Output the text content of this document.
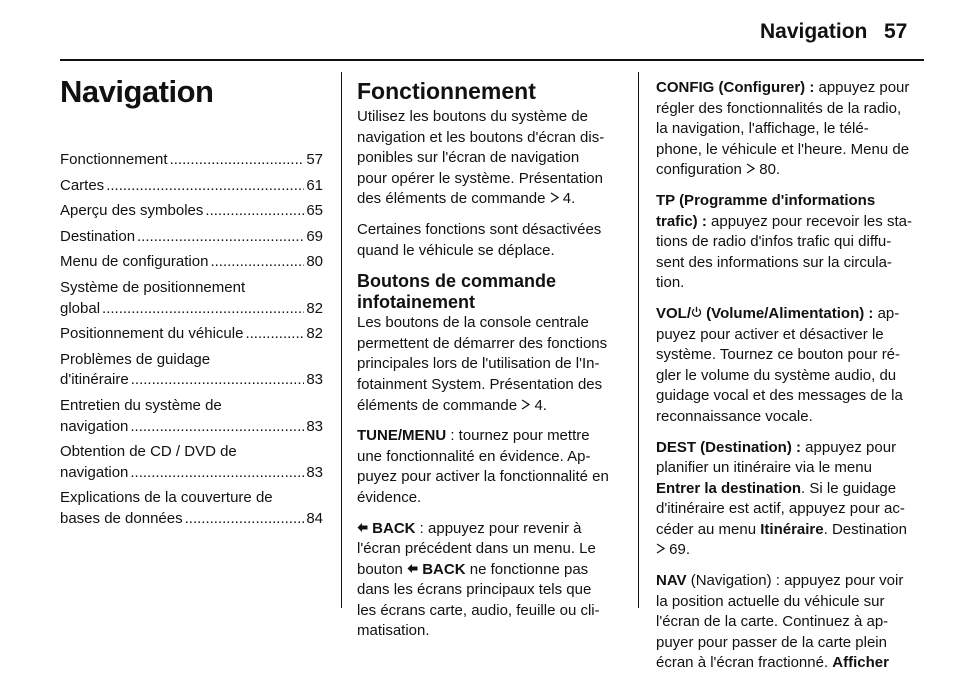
Navigation 57
Navigation
Fonctionnement .....	57
Cartes .....	61
Aperçu des symboles .....	65
Destination .....	69
Menu de configuration .....	80
Système de positionnement
global .....	82
Positionnement du véhicule .....	82
Problèmes de guidage
d'itinéraire .....	83
Entretien du système de
navigation .....	83
Obtention de CD / DVD de
navigation .....	83
Explications de la couverture de
bases de données .....	84
Fonctionnement

Utilisez les boutons du système de
navigation et les boutons d'écran dis-
ponibles sur l'écran de navigation
pour opérer le système. Présentation
des éléments de commande 4.

Certaines fonctions sont désactivées
quand le véhicule se déplace.

Boutons de commande
infotainement

Les boutons de la console centrale
permettent de démarrer des fonctions
principales lors de l'utilisation de l'In-
fotainment System. Présentation des
éléments de commande 4.

TUNE/MENU : tournez pour mettre
une fonctionnalité en évidence. Ap-
puyez pour activer la fonctionnalité en
évidence.

BACK : appuyez pour revenir à
l'écran précédent dans un menu. Le
bouton  BACK ne fonctionne pas
dans les écrans principaux tels que
les écrans carte, audio, feuille ou cli-
matisation.

CONFIG (Configurer) : appuyez pour
régler des fonctionnalités de la radio,
la navigation, l'affichage, le télé-
phone, le véhicule et l'heure. Menu de
configuration 80.

TP (Programme d'informations
trafic) : appuyez pour recevoir les sta-
tions de radio d'infos trafic qui diffu-
sent des informations sur la circula-
tion.

VOL/ (Volume/Alimentation) : ap-
puyez pour activer et désactiver le
système. Tournez ce bouton pour ré-
gler le volume du système audio, du
guidage vocal et des messages de la
reconnaissance vocale.

DEST (Destination) : appuyez pour
planifier un itinéraire via le menu
Entrer la destination. Si le guidage
d'itinéraire est actif, appuyez pour ac-
céder au menu Itinéraire. Destination
69.

NAV (Navigation) : appuyez pour voir
la position actuelle du véhicule sur
l'écran de la carte. Continuez à ap-
puyer pour passer de la carte plein
écran à l'écran fractionné. Afficher
